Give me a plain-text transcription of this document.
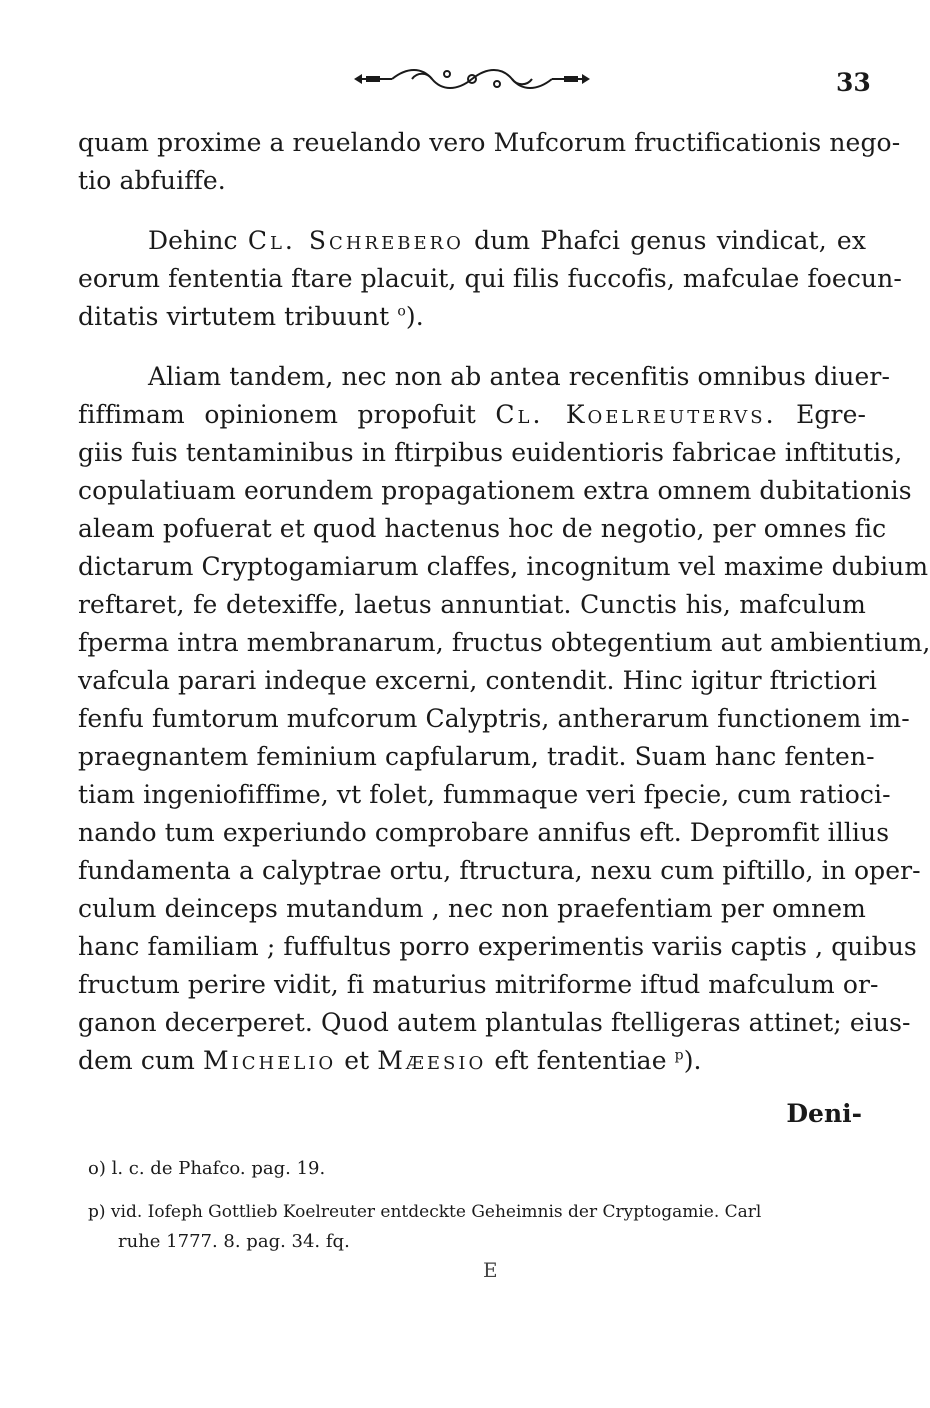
33
quam proxime a reuelando vero Mufcorum fructificationis nego-
tio abfuiffe.
Dehinc Cl. Schrebero dum Phafci genus vindicat, ex
eorum fententia ftare placuit, qui filis fuccofis, mafculae foecun-
ditatis virtutem tribuunt $^o$).
Aliam tandem, nec non ab antea recenfitis omnibus diuer-
fiffimam opinionem propofuit Cl. Koelreutervs. Egre-
giis fuis tentaminibus in ftirpibus euidentioris fabricae inftitutis,
copulatiuam eorundem propagationem extra omnem dubitationis
aleam pofuerat et quod hactenus hoc de negotio, per omnes fic
dictarum Cryptogamiarum claffes, incognitum vel maxime dubium
reftaret, fe detexiffe, laetus annuntiat. Cunctis his, mafculum
fperma intra membranarum, fructus obtegentium aut ambientium,
vafcula parari indeque excerni, contendit. Hinc igitur ftrictiori
fenfu fumtorum mufcorum Calyptris, antherarum functionem im-
praegnantem feminium capfularum, tradit. Suam hanc fenten-
tiam ingeniofiffime, vt folet, fummaque veri fpecie, cum ratioci-
nando tum experiundo comprobare annifus eft. Depromfit illius
fundamenta a calyptrae ortu, ftructura, nexu cum piftillo, in oper-
culum deinceps mutandum , nec non praefentiam per omnem
hanc familiam ; fuffultus porro experimentis variis captis , quibus
fructum perire vidit, fi maturius mitriforme iftud mafculum or-
ganon decerperet. Quod autem plantulas ftelligeras attinet; eius-
dem cum Michelio et Mæesio eft fententiae $^p$).
Deni-
o) l. c. de Phafco. pag. 19.
p) vid. Iofeph Gottlieb Koelreuter entdeckte Geheimnis der Cryptogamie. Carl
ruhe 1777. 8. pag. 34. fq.
E
